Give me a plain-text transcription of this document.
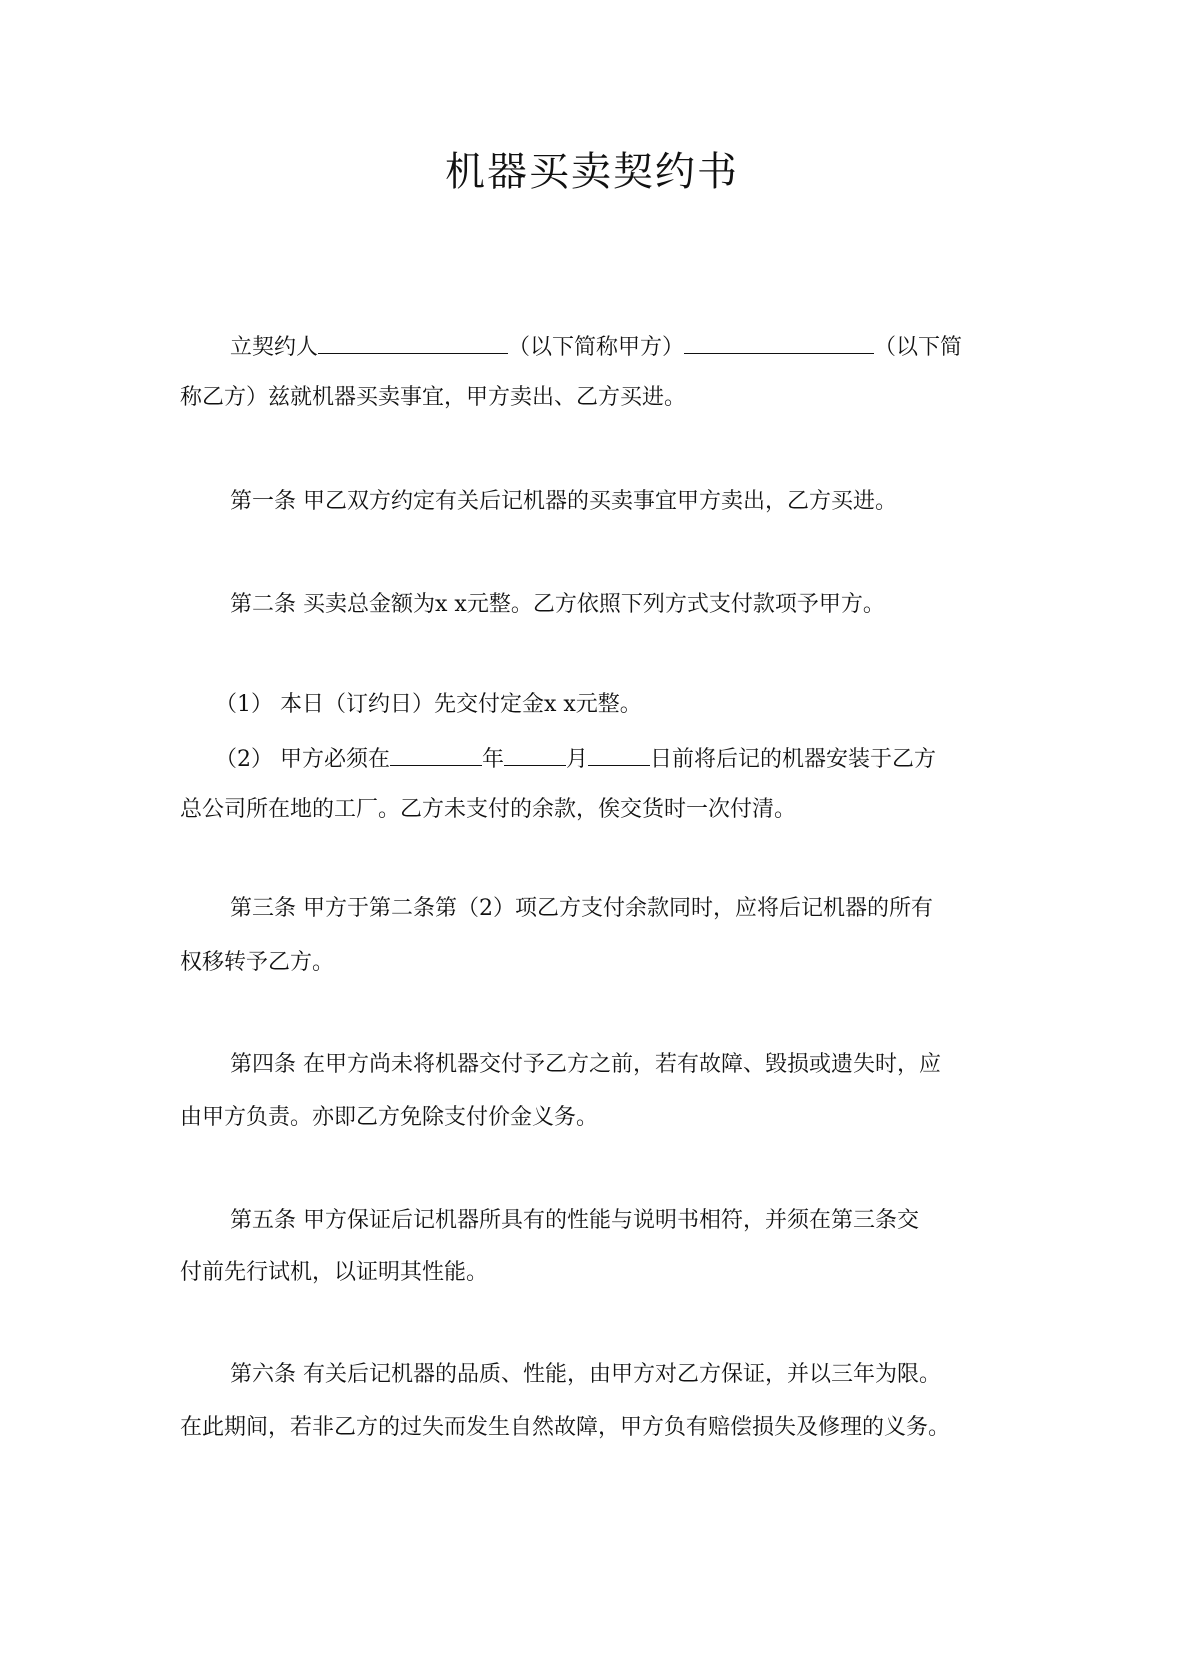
机器买卖契约书
立契约人	（以下简称甲方）	（以下简
称乙方）兹就机器买卖事宜，甲方卖出、乙方买进。
第一条 甲乙双方约定有关后记机器的买卖事宜甲方卖出，乙方买进。
第二条 买卖总金额为x x元整。乙方依照下列方式支付款项予甲方。
（1） 本日（订约日）先交付定金x x元整。
（2） 甲方必须在	年	月	日前将后记的机器安装于乙方
总公司所在地的工厂。乙方未支付的余款，俟交货时一次付清。
第三条 甲方于第二条第（2）项乙方支付余款同时，应将后记机器的所有
权移转予乙方。
第四条 在甲方尚未将机器交付予乙方之前，若有故障、毁损或遗失时，应
由甲方负责。亦即乙方免除支付价金义务。
第五条 甲方保证后记机器所具有的性能与说明书相符，并须在第三条交
付前先行试机，以证明其性能。
第六条 有关后记机器的品质、性能，由甲方对乙方保证，并以三年为限。
在此期间，若非乙方的过失而发生自然故障，甲方负有赔偿损失及修理的义务。
